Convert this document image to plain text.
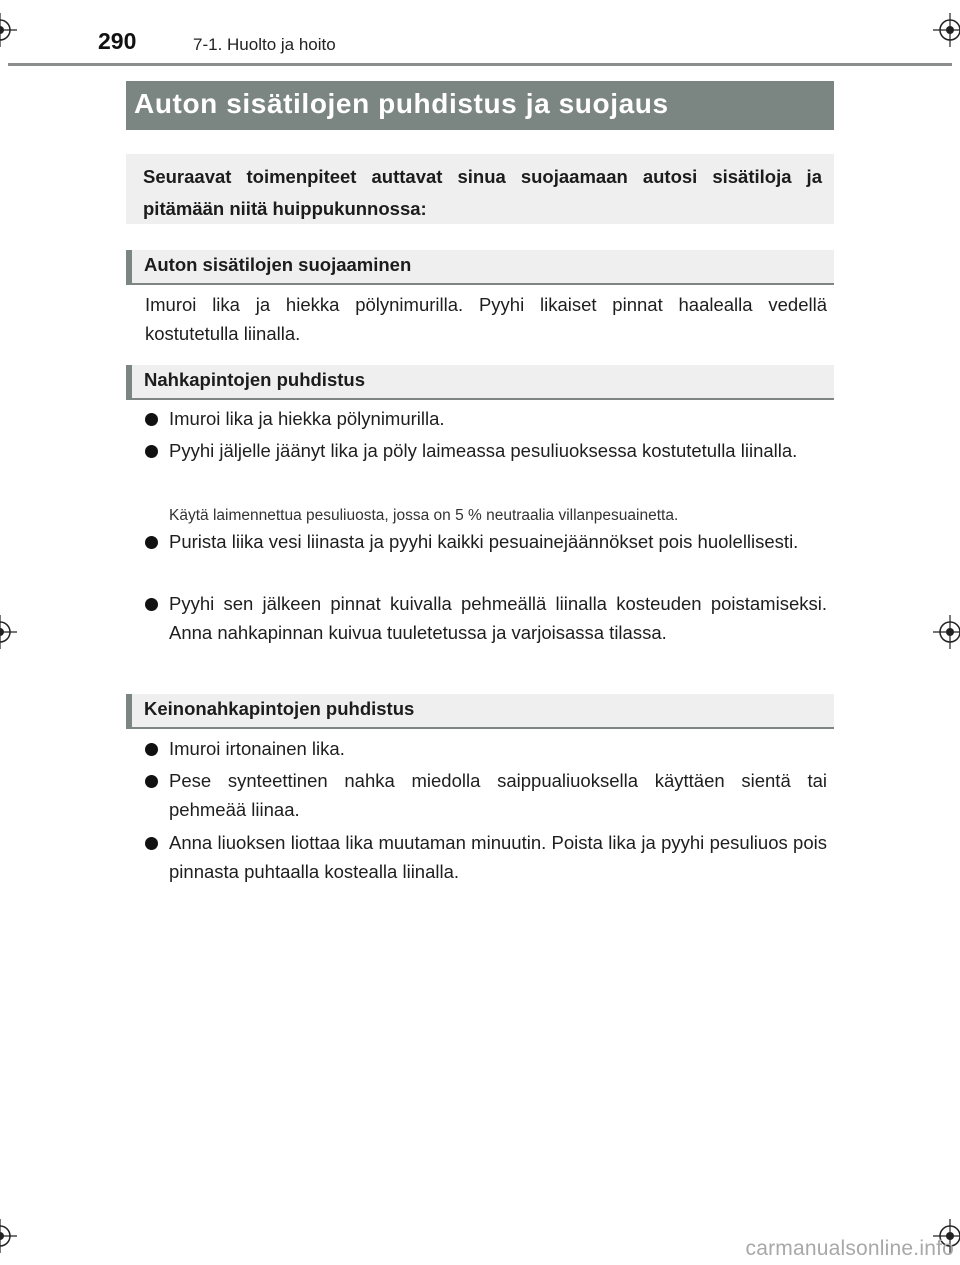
290	7-1. Huolto ja hoito
Auton sisätilojen puhdistus ja suojaus
Seuraavat toimenpiteet auttavat sinua suojaamaan autosi sisätiloja ja pitämään niitä huippukunnossa:
Auton sisätilojen suojaaminen
Imuroi lika ja hiekka pölynimurilla. Pyyhi likaiset pinnat haalealla vedellä kostutetulla liinalla.
Nahkapintojen puhdistus
Imuroi lika ja hiekka pölynimurilla.
Pyyhi jäljelle jäänyt lika ja pöly laimeassa pesuliuoksessa kostutetulla liinalla.
Käytä laimennettua pesuliuosta, jossa on 5 % neutraalia villanpesuainetta.
Purista liika vesi liinasta ja pyyhi kaikki pesuainejäännökset pois huolellisesti.
Pyyhi sen jälkeen pinnat kuivalla pehmeällä liinalla kosteuden poistamiseksi. Anna nahkapinnan kuivua tuuletetussa ja varjoisassa tilassa.
Keinonahkapintojen puhdistus
Imuroi irtonainen lika.
Pese synteettinen nahka miedolla saippualiuoksella käyttäen sientä tai pehmeää liinaa.
Anna liuoksen liottaa lika muutaman minuutin. Poista lika ja pyyhi pesuliuos pois pinnasta puhtaalla kostealla liinalla.
carmanualsonline.info
